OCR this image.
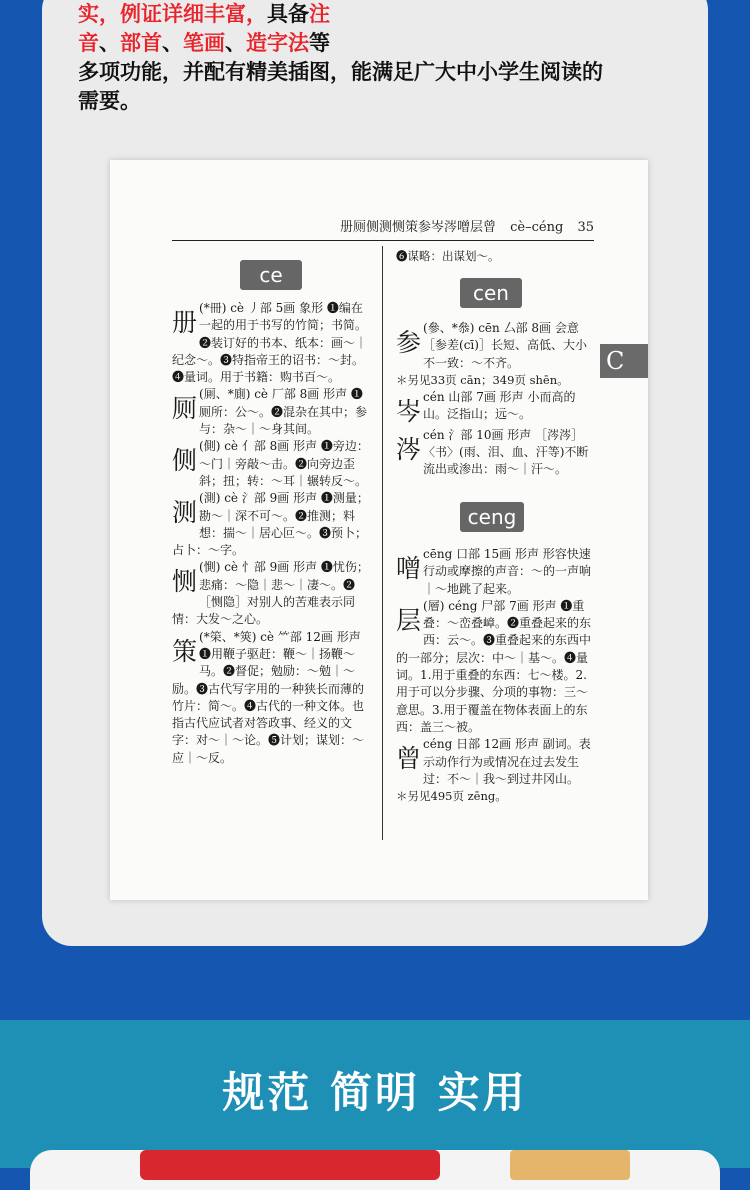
实，例证详细丰富，具备注
音、部首、笔画、造字法等
多项功能，并配有精美插图，能满足广大中小学生阅读的
需要。
册厕侧测恻策参岑涔噌层曾 cè–céng 35
ce
册 (*冊) cè 丿部 5画 象形 ❶编在一起的用于书写的竹简；书简。❷装订好的书本、纸本：画～｜纪念～。❸特指帝王的诏书：～封。❹量词。用于书籍：购书百～。
厕 (厠、*廁) cè 厂部 8画 形声 ❶厕所：公～。❷混杂在其中；参与：杂～｜～身其间。
侧 (側) cè 亻部 8画 形声 ❶旁边：～门｜旁敲～击。❷向旁边歪斜；扭；转：～耳｜辗转反～。
测 (測) cè 氵部 9画 形声 ❶测量；勘～｜深不可～。❷推测；料想：揣～｜居心叵～。❸预卜；占卜：～字。
恻 (惻) cè 忄部 9画 形声 ❶忧伤；悲痛：～隐｜悲～｜凄～。❷［恻隐］对别人的苦难表示同情：大发～之心。
策 (*筞、*筴) cè ⺮部 12画 形声 ❶用鞭子驱赶：鞭～｜扬鞭～马。❷督促；勉励：～勉｜～励。❸古代写字用的一种狭长而薄的竹片：简～。❹古代的一种文体。也指古代应试者对答政事、经义的文字：对～｜～论。❺计划；谋划：～应｜～反。
❻谋略：出谋划～。
cen
参 (參、*叅) cēn 厶部 8画 会意 ［参差(cī)］长短、高低、大小不一致：～不齐。
＊另见33页 cān；349页 shēn。
岑 cén 山部 7画 形声 小而高的山。泛指山；远～。
涔 cén 氵部 10画 形声 ［涔涔］〈书〉(雨、泪、血、汗等)不断流出或渗出：雨～｜汗～。
ceng
噌 cēng 口部 15画 形声 形容快速行动或摩擦的声音：～的一声响｜～地跳了起来。
层 (層) céng 尸部 7画 形声 ❶重叠：～峦叠嶂。❷重叠起来的东西：云～。❸重叠起来的东西中的一部分；层次：中～｜基～。❹量词。1.用于重叠的东西：七～楼。2.用于可以分步骤、分项的事物：三～意思。3.用于覆盖在物体表面上的东西：盖三～被。
曾 céng 日部 12画 形声 副词。表示动作行为或情况在过去发生过：不～｜我～到过井冈山。
＊另见495页 zēng。
C
规范 简明 实用
